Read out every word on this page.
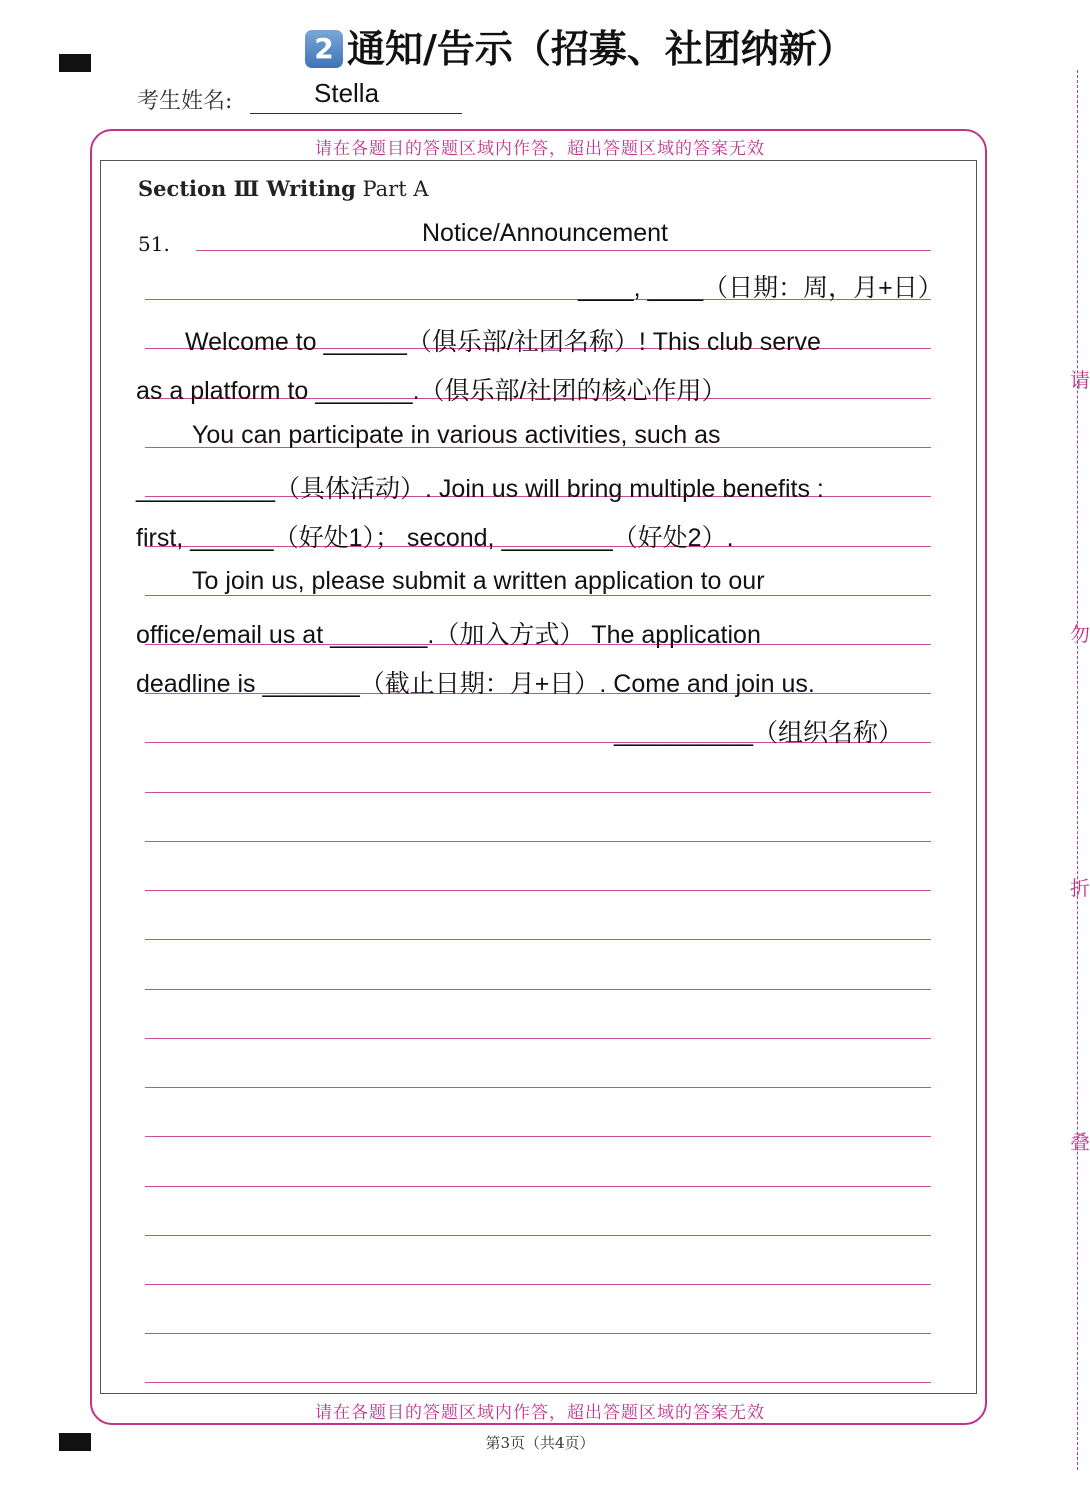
2 通知/告示（招募、社团纳新）
考生姓名:	Stella
请在各题目的答题区域内作答，超出答题区域的答案无效
请在各题目的答题区域内作答，超出答题区域的答案无效
Section Ⅲ Writing Part A
51.	Notice/Announcement
____, ____（日期：周，月+日）
Welcome to ______（俱乐部/社团名称）! This club serve
as a platform to _______.（俱乐部/社团的核心作用）
You can participate in various activities, such as
__________（具体活动）. Join us will bring multiple benefits :
first, ______（好处1）； second, ________（好处2）.
To join us, please submit a written application to our
office/email us at _______.（加入方式） The application
deadline is _______（截止日期：月+日）. Come and join us.
__________（组织名称）
请
勿
折
叠
第3页（共4页）
